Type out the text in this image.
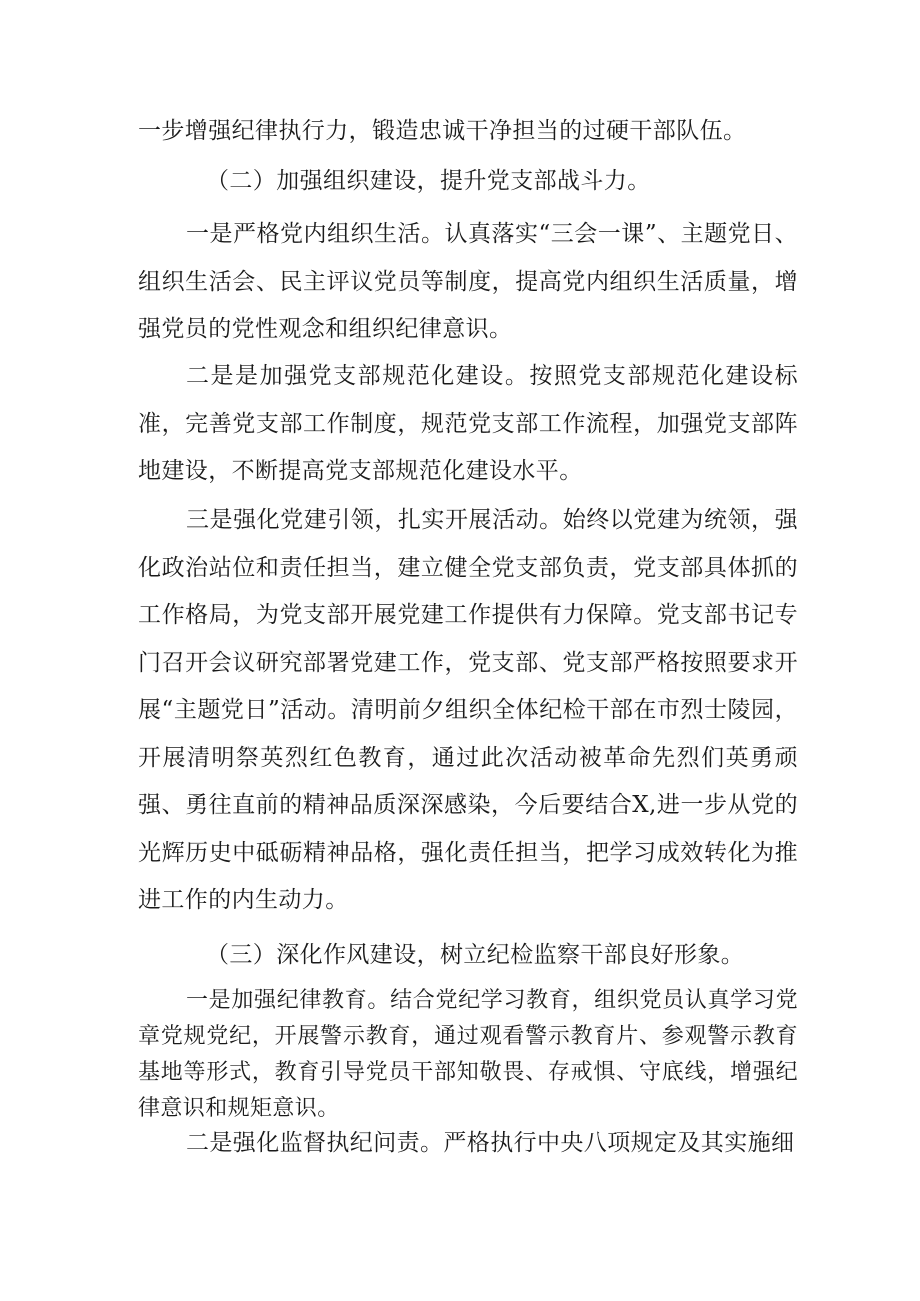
一步增强纪律执行力，锻造忠诚干净担当的过硬干部队伍。

（二）加强组织建设，提升党支部战斗力。

一是严格党内组织生活。认真落实“三会一课”、主题党日、组织生活会、民主评议党员等制度，提高党内组织生活质量，增强党员的党性观念和组织纪律意识。

二是是加强党支部规范化建设。按照党支部规范化建设标准，完善党支部工作制度，规范党支部工作流程，加强党支部阵地建设，不断提高党支部规范化建设水平。

三是强化党建引领，扎实开展活动。始终以党建为统领，强化政治站位和责任担当，建立健全党支部负责，党支部具体抓的工作格局，为党支部开展党建工作提供有力保障。党支部书记专门召开会议研究部署党建工作，党支部、党支部严格按照要求开展“主题党日”活动。清明前夕组织全体纪检干部在市烈士陵园，开展清明祭英烈红色教育，通过此次活动被革命先烈们英勇顽强、勇往直前的精神品质深深感染，今后要结合X,进一步从党的光辉历史中砥砺精神品格，强化责任担当，把学习成效转化为推进工作的内生动力。

（三）深化作风建设，树立纪检监察干部良好形象。

一是加强纪律教育。结合党纪学习教育，组织党员认真学习党章党规党纪，开展警示教育，通过观看警示教育片、参观警示教育基地等形式，教育引导党员干部知敬畏、存戒惧、守底线，增强纪律意识和规矩意识。

二是强化监督执纪问责。严格执行中央八项规定及其实施细
